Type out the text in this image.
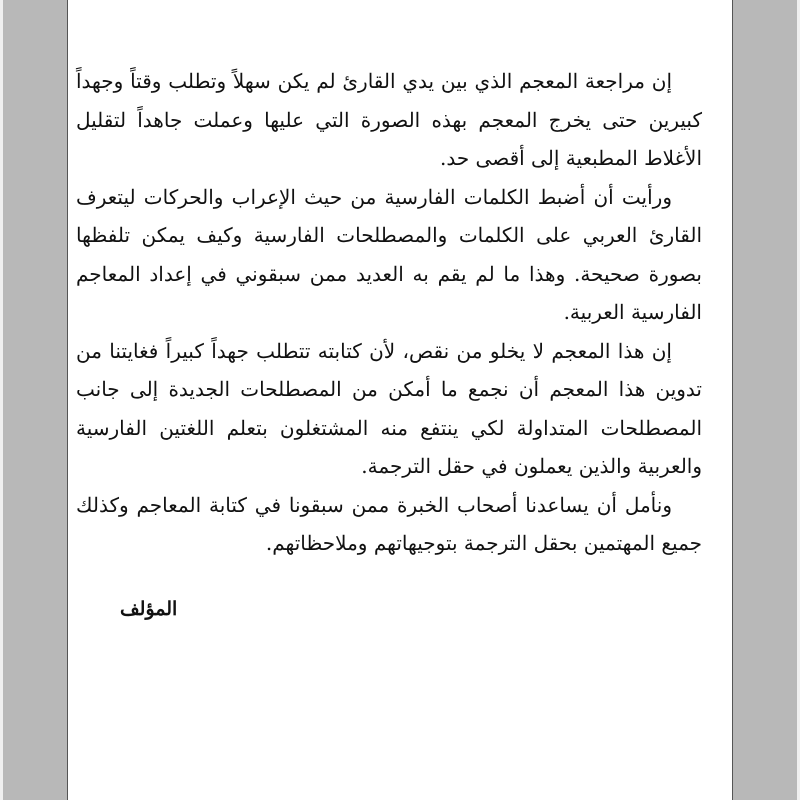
إن مراجعة المعجم الذي بين يدي القارئ لم يكن سهلاً وتطلب وقتاً وجهداً كبيرين حتى يخرج المعجم بهذه الصورة التي عليها وعملت جاهداً لتقليل الأغلاط المطبعية إلى أقصى حد.

ورأيت أن أضبط الكلمات الفارسية من حيث الإعراب والحركات ليتعرف القارئ العربي على الكلمات والمصطلحات الفارسية وكيف يمكن تلفظها بصورة صحيحة. وهذا ما لم يقم به العديد ممن سبقوني في إعداد المعاجم الفارسية العربية.

إن هذا المعجم لا يخلو من نقص، لأن كتابته تتطلب جهداً كبيراً فغايتنا من تدوين هذا المعجم أن نجمع ما أمكن من المصطلحات الجديدة إلى جانب المصطلحات المتداولة لكي ينتفع منه المشتغلون بتعلم اللغتين الفارسية والعربية والذين يعملون في حقل الترجمة.

ونأمل أن يساعدنا أصحاب الخبرة ممن سبقونا في كتابة المعاجم وكذلك جميع المهتمين بحقل الترجمة بتوجيهاتهم وملاحظاتهم.

المؤلف
